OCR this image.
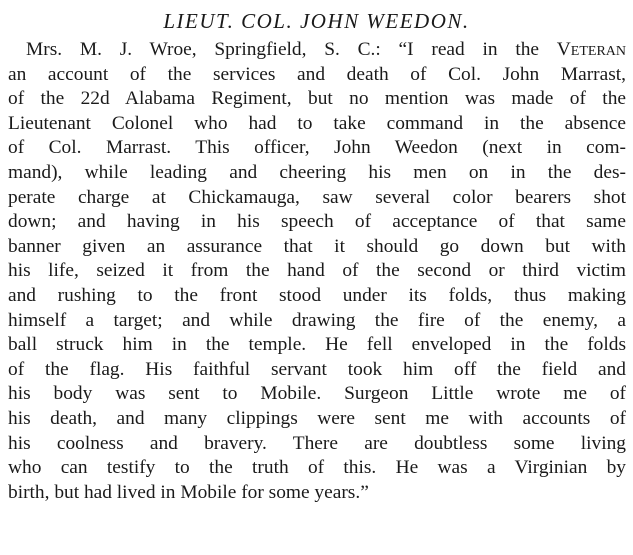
LIEUT. COL. JOHN WEEDON.
Mrs. M. J. Wroe, Springfield, S. C.: “I read in the Veteran
an account of the services and death of Col. John Marrast,
of the 22d Alabama Regiment, but no mention was made of the
Lieutenant Colonel who had to take command in the absence
of Col. Marrast. This officer, John Weedon (next in com-
mand), while leading and cheering his men on in the des-
perate charge at Chickamauga, saw several color bearers shot
down; and having in his speech of acceptance of that same
banner given an assurance that it should go down but with
his life, seized it from the hand of the second or third victim
and rushing to the front stood under its folds, thus making
himself a target; and while drawing the fire of the enemy, a
ball struck him in the temple. He fell enveloped in the folds
of the flag. His faithful servant took him off the field and
his body was sent to Mobile. Surgeon Little wrote me of
his death, and many clippings were sent me with accounts of
his coolness and bravery. There are doubtless some living
who can testify to the truth of this. He was a Virginian by
birth, but had lived in Mobile for some years.”
